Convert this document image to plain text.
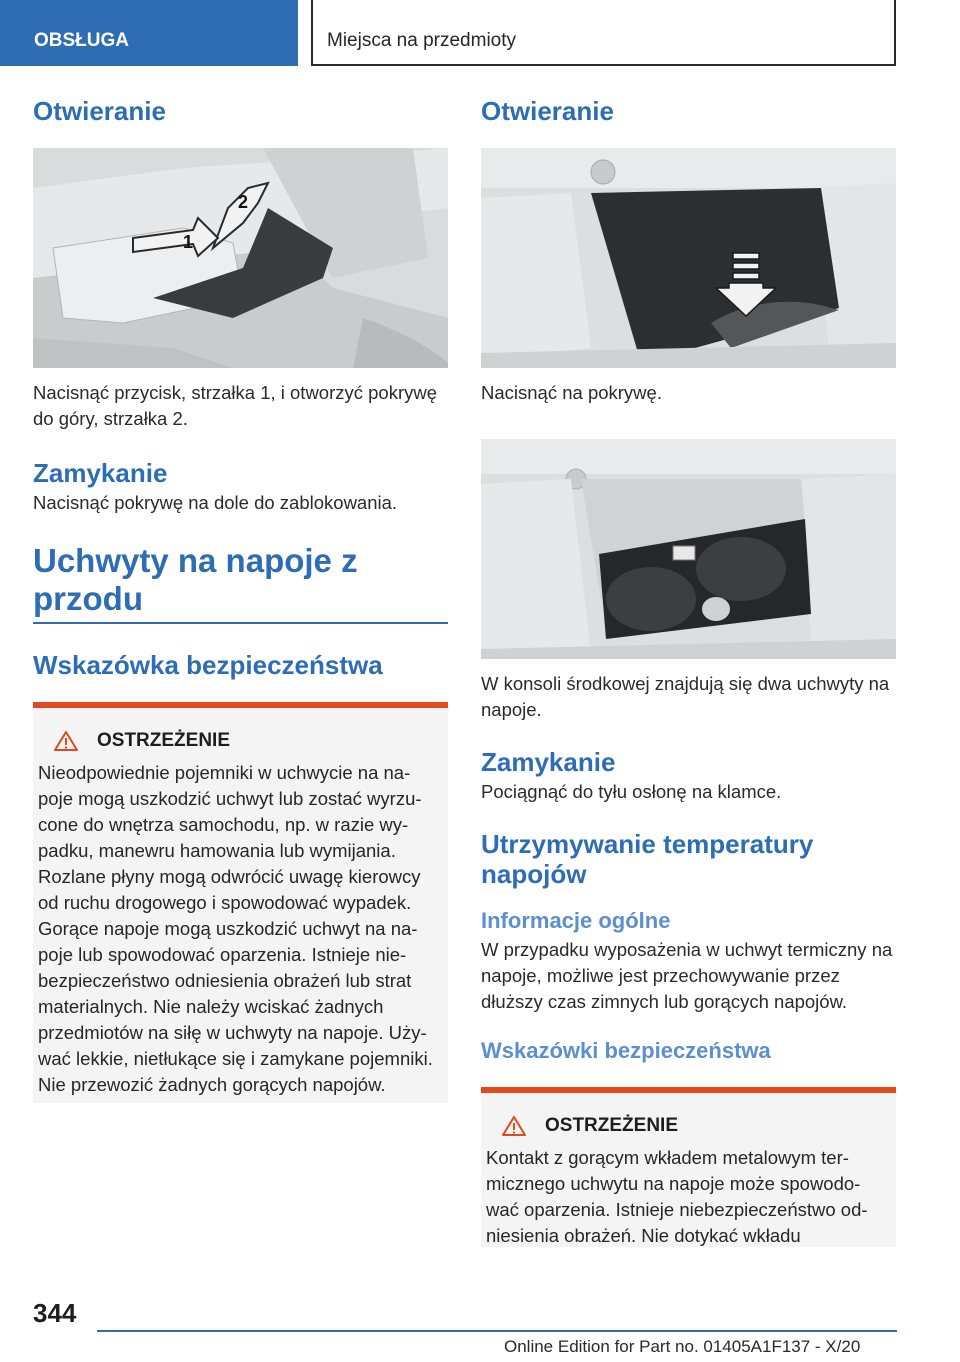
OBSŁUGA	Miejsca na przedmioty
Otwieranie
1
2

Nacisnąć przycisk, strzałka 1, i otworzyć pokrywę do góry, strzałka 2.

Zamykanie

Nacisnąć pokrywę na dole do zablokowania.

Uchwyty na napoje z przodu
Wskazówka bezpieczeństwa
OSTRZEŻENIE

Nieodpowiednie pojemniki w uchwycie na na-poje mogą uszkodzić uchwyt lub zostać wyrzu-cone do wnętrza samochodu, np. w razie wy-padku, manewru hamowania lub wymijania. Rozlane płyny mogą odwrócić uwagę kierowcy od ruchu drogowego i spowodować wypadek. Gorące napoje mogą uszkodzić uchwyt na na-poje lub spowodować oparzenia. Istnieje nie-bezpieczeństwo odniesienia obrażeń lub strat materialnych. Nie należy wciskać żadnych przedmiotów na siłę w uchwyty na napoje. Uży-wać lekkie, nietłukące się i zamykane pojemniki. Nie przewozić żadnych gorących napojów.

Otwieranie

Nacisnąć na pokrywę.

W konsoli środkowej znajdują się dwa uchwyty na napoje.

Zamykanie

Pociągnąć do tyłu osłonę na klamce.

Utrzymywanie temperatury napojów
Informacje ogólne

W przypadku wyposażenia w uchwyt termiczny na napoje, możliwe jest przechowywanie przez dłuższy czas zimnych lub gorących napojów.

Wskazówki bezpieczeństwa
OSTRZEŻENIE

Kontakt z gorącym wkładem metalowym ter-micznego uchwytu na napoje może spowodo-wać oparzenia. Istnieje niebezpieczeństwo od-niesienia obrażeń. Nie dotykać wkładu

344
Online Edition for Part no. 01405A1F137 - X/20
